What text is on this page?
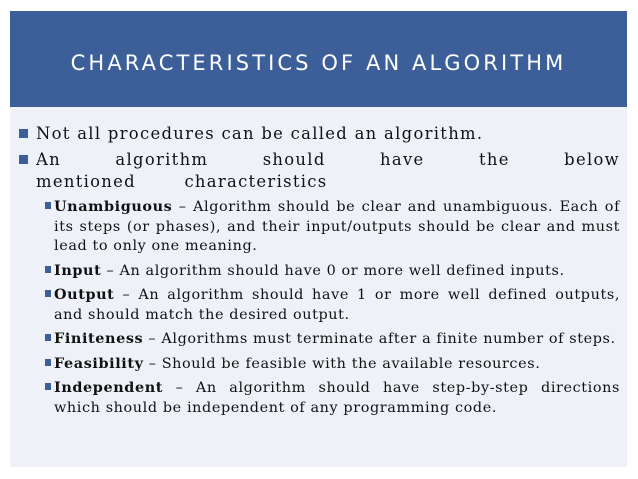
CHARACTERISTICS OF AN ALGORITHM
Not all procedures can be called an algorithm.
An algorithm should have the below mentioned characteristics
Unambiguous – Algorithm should be clear and unambiguous. Each of its steps (or phases), and their input/outputs should be clear and must lead to only one meaning.
Input – An algorithm should have 0 or more well defined inputs.
Output – An algorithm should have 1 or more well defined outputs, and should match the desired output.
Finiteness – Algorithms must terminate after a finite number of steps.
Feasibility – Should be feasible with the available resources.
Independent – An algorithm should have step-by-step directions which should be independent of any programming code.
